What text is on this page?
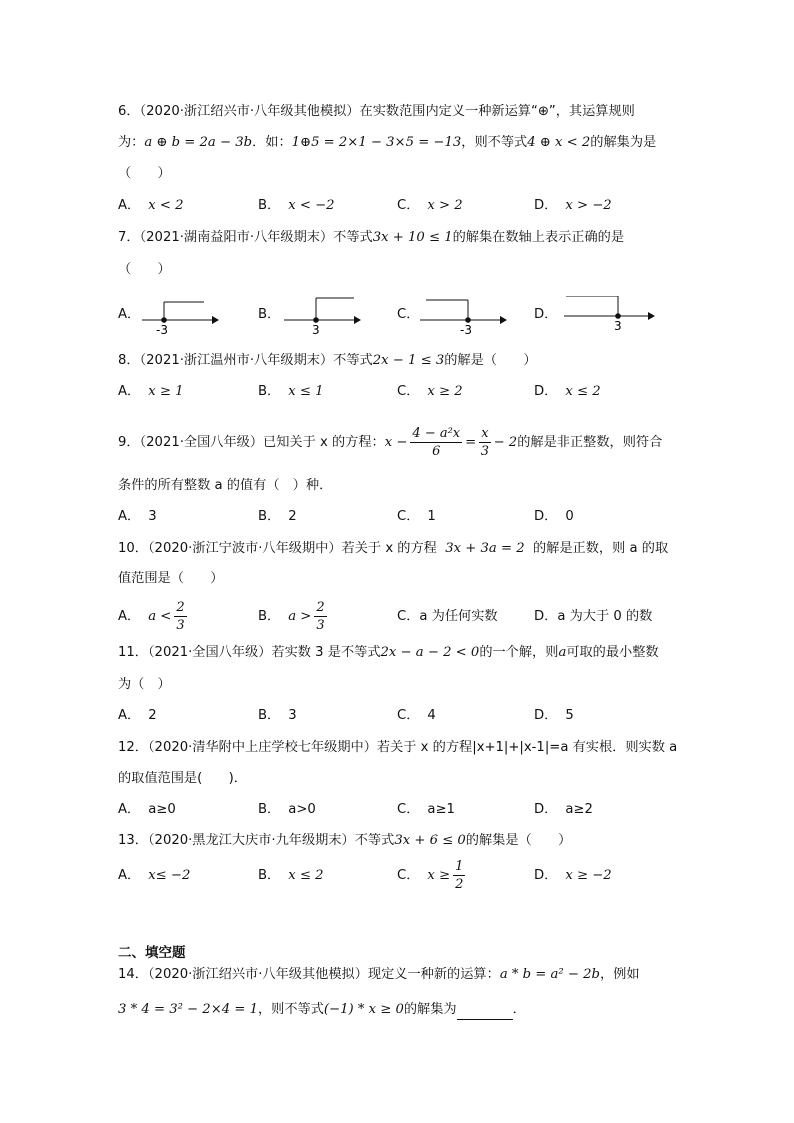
6．（2020·浙江绍兴市·八年级其他模拟）在实数范围内定义一种新运算“⊕”，其运算规则
为：a ⊕ b = 2a − 3b．如：1⊕5 = 2×1 − 3×5 = −13，则不等式4 ⊕ x < 2的解集为是
（　　）
A． x < 2	B． x < −2	C． x > 2	D． x > −2
7．（2021·湖南益阳市·八年级期末）不等式3x + 10 ≤ 1的解集在数轴上表示正确的是
（　　）
A．	B．	C．	D．
-3	3	-3	3
8．（2021·浙江温州市·八年级期末）不等式2x − 1 ≤ 3的解是（　　）
A． x ≥ 1	B． x ≤ 1	C． x ≥ 2	D． x ≤ 2
9．（2021·全国八年级）已知关于 x 的方程：$x - \frac{\text{4 − a²x}}{6} = \frac{x}{3} - 2$的解是非正整数，则符合
条件的所有整数 a 的值有（　）种．
A． 3	B． 2	C． 1	D． 0
10．（2020·浙江宁波市·八年级期中）若关于 x 的方程 3x + 3a = 2 的解是正数，则 a 的取
值范围是（　　）
A． $a < \frac{2}{3}$	B． $a > \frac{2}{3}$	C．a 为任何实数	D．a 为大于 0 的数
11．（2021·全国八年级）若实数 3 是不等式2x − a − 2 < 0的一个解，则a可取的最小整数
为（　）
A． 2	B． 3	C． 4	D． 5
12．（2020·清华附中上庄学校七年级期中）若关于 x 的方程|x+1|+|x-1|=a 有实根．则实数 a
的取值范围是(　　)．
A． a≥0	B． a>0	C． a≥1	D． a≥2
13．（2020·黑龙江大庆市·九年级期末）不等式3x + 6 ≤ 0的解集是（　　）
A． x≤ −2	B． x ≤ 2	C． $x \ge \frac{1}{2}$	D． x ≥ −2
二、填空题
14．（2020·浙江绍兴市·八年级其他模拟）现定义一种新的运算：a * b = a² − 2b，例如
3 * 4 = 3² − 2×4 = 1，则不等式(−1) * x ≥ 0的解集为	．
